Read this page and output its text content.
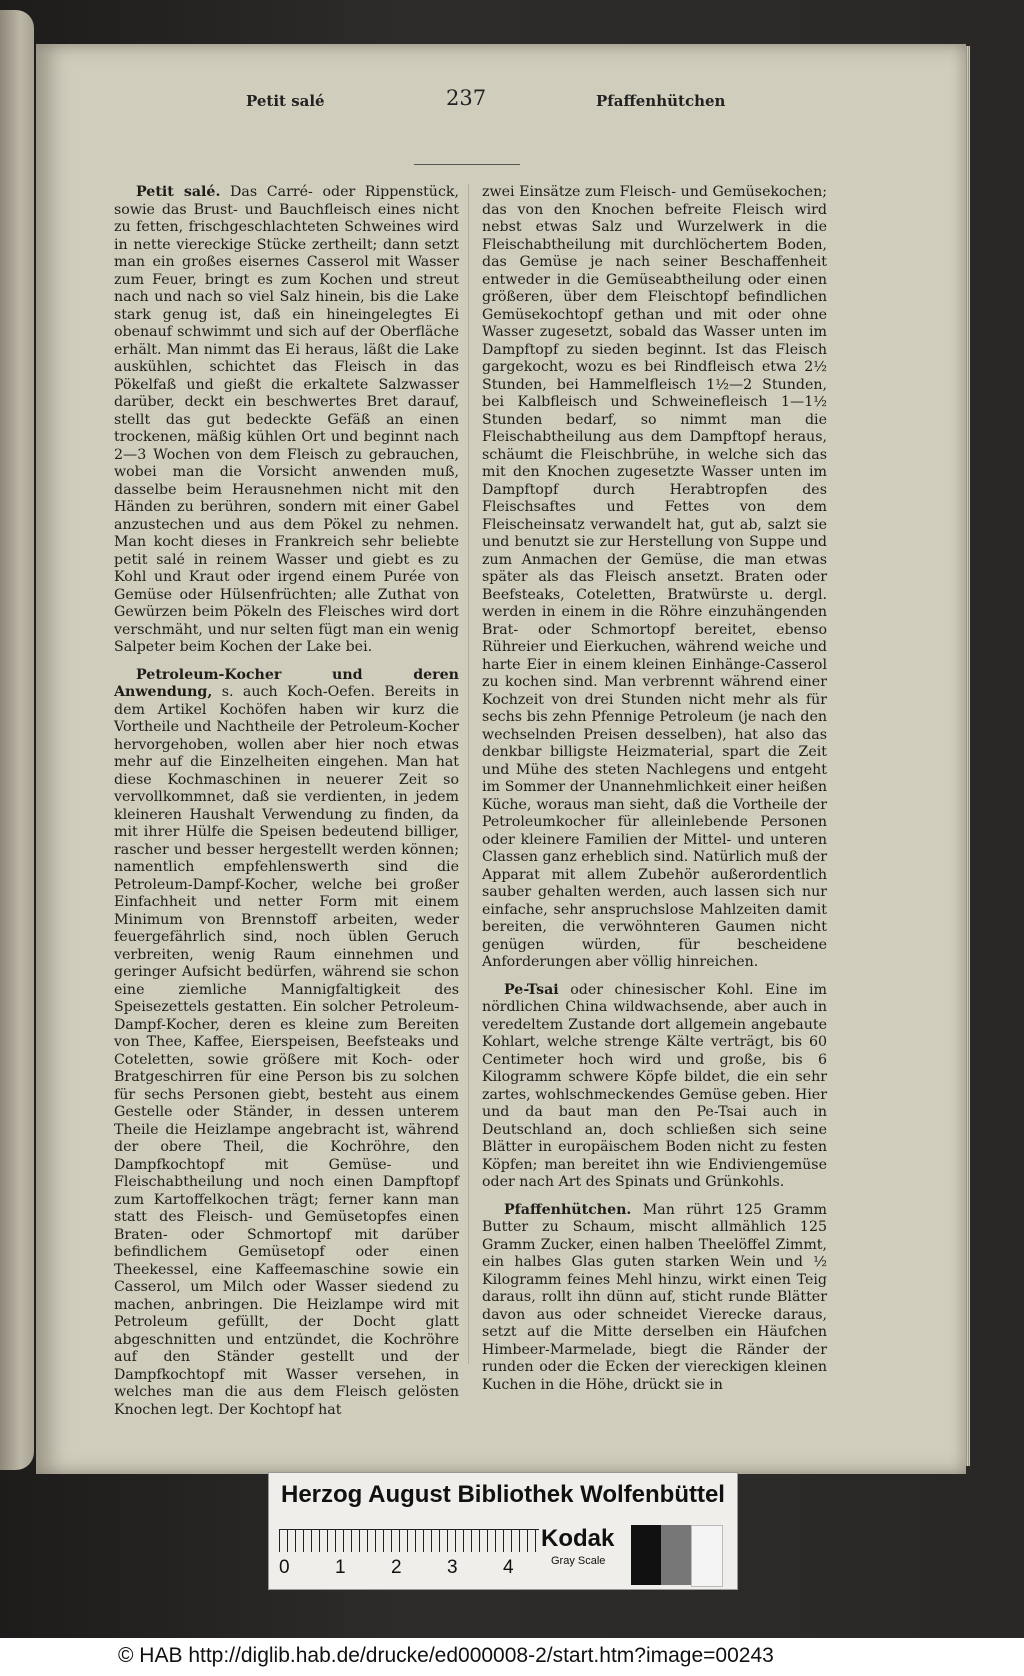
Petit salé	237	Pfaffenhütchen

Petit salé. Das Carré- oder Rippenstück, sowie das Brust- und Bauchfleisch eines nicht zu fetten, frischgeschlachteten Schweines wird in nette viereckige Stücke zertheilt; dann setzt man ein großes eisernes Casserol mit Wasser zum Feuer, bringt es zum Kochen und streut nach und nach so viel Salz hinein, bis die Lake stark genug ist, daß ein hineingelegtes Ei obenauf schwimmt und sich auf der Oberfläche erhält. Man nimmt das Ei heraus, läßt die Lake auskühlen, schichtet das Fleisch in das Pökelfaß und gießt die erkaltete Salzwasser darüber, deckt ein beschwertes Bret darauf, stellt das gut bedeckte Gefäß an einen trockenen, mäßig kühlen Ort und beginnt nach 2—3 Wochen von dem Fleisch zu gebrauchen, wobei man die Vorsicht anwenden muß, dasselbe beim Herausnehmen nicht mit den Händen zu berühren, sondern mit einer Gabel anzustechen und aus dem Pökel zu nehmen. Man kocht dieses in Frankreich sehr beliebte petit salé in reinem Wasser und giebt es zu Kohl und Kraut oder irgend einem Purée von Gemüse oder Hülsenfrüchten; alle Zuthat von Gewürzen beim Pökeln des Fleisches wird dort verschmäht, und nur selten fügt man ein wenig Salpeter beim Kochen der Lake bei.

Petroleum-Kocher und deren Anwendung, s. auch Koch-Oefen. Bereits in dem Artikel Kochöfen haben wir kurz die Vortheile und Nachtheile der Petroleum-Kocher hervorgehoben, wollen aber hier noch etwas mehr auf die Einzelheiten eingehen. Man hat diese Kochmaschinen in neuerer Zeit so vervollkommnet, daß sie verdienten, in jedem kleineren Haushalt Verwendung zu finden, da mit ihrer Hülfe die Speisen bedeutend billiger, rascher und besser hergestellt werden können; namentlich empfehlenswerth sind die Petroleum-Dampf-Kocher, welche bei großer Einfachheit und netter Form mit einem Minimum von Brennstoff arbeiten, weder feuergefährlich sind, noch üblen Geruch verbreiten, wenig Raum einnehmen und geringer Aufsicht bedürfen, während sie schon eine ziemliche Mannigfaltigkeit des Speisezettels gestatten. Ein solcher Petroleum-Dampf-Kocher, deren es kleine zum Bereiten von Thee, Kaffee, Eierspeisen, Beefsteaks und Coteletten, sowie größere mit Koch- oder Bratgeschirren für eine Person bis zu solchen für sechs Personen giebt, besteht aus einem Gestelle oder Ständer, in dessen unterem Theile die Heizlampe angebracht ist, während der obere Theil, die Kochröhre, den Dampfkochtopf mit Gemüse- und Fleischabtheilung und noch einen Dampftopf zum Kartoffelkochen trägt; ferner kann man statt des Fleisch- und Gemüsetopfes einen Braten- oder Schmortopf mit darüber befindlichem Gemüsetopf oder einen Theekessel, eine Kaffeemaschine sowie ein Casserol, um Milch oder Wasser siedend zu machen, anbringen. Die Heizlampe wird mit Petroleum gefüllt, der Docht glatt abgeschnitten und entzündet, die Kochröhre auf den Ständer gestellt und der Dampfkochtopf mit Wasser versehen, in welches man die aus dem Fleisch gelösten Knochen legt. Der Kochtopf hat

zwei Einsätze zum Fleisch- und Gemüsekochen; das von den Knochen befreite Fleisch wird nebst etwas Salz und Wurzelwerk in die Fleischabtheilung mit durchlöchertem Boden, das Gemüse je nach seiner Beschaffenheit entweder in die Gemüseabtheilung oder einen größeren, über dem Fleischtopf befindlichen Gemüsekochtopf gethan und mit oder ohne Wasser zugesetzt, sobald das Wasser unten im Dampftopf zu sieden beginnt. Ist das Fleisch gargekocht, wozu es bei Rindfleisch etwa 2½ Stunden, bei Hammelfleisch 1½—2 Stunden, bei Kalbfleisch und Schweinefleisch 1—1½ Stunden bedarf, so nimmt man die Fleischabtheilung aus dem Dampftopf heraus, schäumt die Fleischbrühe, in welche sich das mit den Knochen zugesetzte Wasser unten im Dampftopf durch Herabtropfen des Fleischsaftes und Fettes von dem Fleischeinsatz verwandelt hat, gut ab, salzt sie und benutzt sie zur Herstellung von Suppe und zum Anmachen der Gemüse, die man etwas später als das Fleisch ansetzt. Braten oder Beefsteaks, Coteletten, Bratwürste u. dergl. werden in einem in die Röhre einzuhängenden Brat- oder Schmortopf bereitet, ebenso Rühreier und Eierkuchen, während weiche und harte Eier in einem kleinen Einhänge-Casserol zu kochen sind. Man verbrennt während einer Kochzeit von drei Stunden nicht mehr als für sechs bis zehn Pfennige Petroleum (je nach den wechselnden Preisen desselben), hat also das denkbar billigste Heizmaterial, spart die Zeit und Mühe des steten Nachlegens und entgeht im Sommer der Unannehmlichkeit einer heißen Küche, woraus man sieht, daß die Vortheile der Petroleumkocher für alleinlebende Personen oder kleinere Familien der Mittel- und unteren Classen ganz erheblich sind. Natürlich muß der Apparat mit allem Zubehör außerordentlich sauber gehalten werden, auch lassen sich nur einfache, sehr anspruchslose Mahlzeiten damit bereiten, die verwöhnteren Gaumen nicht genügen würden, für bescheidene Anforderungen aber völlig hinreichen.

Pe-Tsai oder chinesischer Kohl. Eine im nördlichen China wildwachsende, aber auch in veredeltem Zustande dort allgemein angebaute Kohlart, welche strenge Kälte verträgt, bis 60 Centimeter hoch wird und große, bis 6 Kilogramm schwere Köpfe bildet, die ein sehr zartes, wohlschmeckendes Gemüse geben. Hier und da baut man den Pe-Tsai auch in Deutschland an, doch schließen sich seine Blätter in europäischem Boden nicht zu festen Köpfen; man bereitet ihn wie Endiviengemüse oder nach Art des Spinats und Grünkohls.

Pfaffenhütchen. Man rührt 125 Gramm Butter zu Schaum, mischt allmählich 125 Gramm Zucker, einen halben Theelöffel Zimmt, ein halbes Glas guten starken Wein und ½ Kilogramm feines Mehl hinzu, wirkt einen Teig daraus, rollt ihn dünn auf, sticht runde Blätter davon aus oder schneidet Vierecke daraus, setzt auf die Mitte derselben ein Häufchen Himbeer-Marmelade, biegt die Ränder der runden oder die Ecken der viereckigen kleinen Kuchen in die Höhe, drückt sie in

Herzog August Bibliothek Wolfenbüttel
0 1 2 3 4
Kodak
Gray Scale
© HAB http://diglib.hab.de/drucke/ed000008-2/start.htm?image=00243
